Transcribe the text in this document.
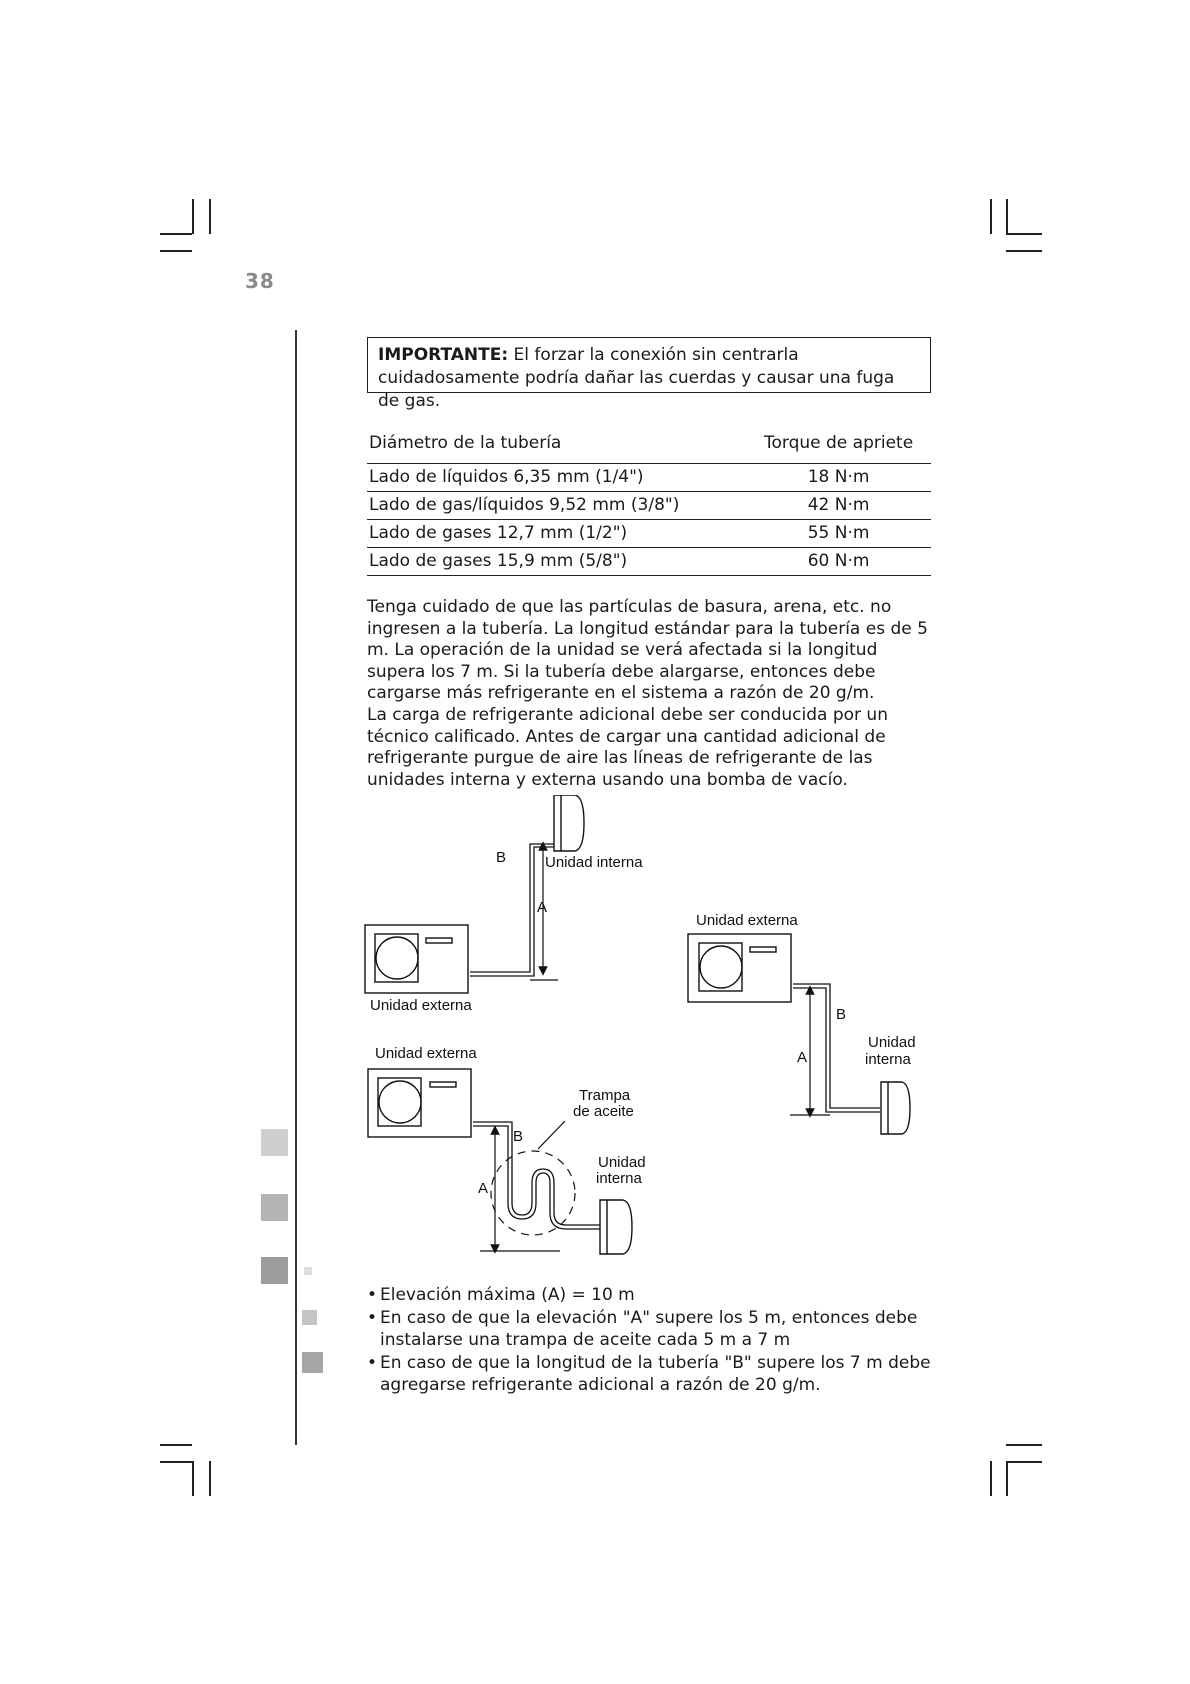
38
IMPORTANTE: El forzar la conexión sin centrarla cuidadosamente podría dañar las cuerdas y causar una fuga de gas.
Diámetro de la tubería	Torque de apriete
Lado de líquidos 6,35 mm (1/4")	18 N·m
Lado de gas/líquidos 9,52 mm (3/8")	42 N·m
Lado de gases 12,7 mm (1/2")	55 N·m
Lado de gases 15,9 mm (5/8")	60 N·m
Tenga cuidado de que las partículas de basura, arena, etc. no ingresen a la tubería. La longitud estándar para la tubería es de 5 m. La operación de la unidad se verá afectada si la longitud supera los 7 m. Si la tubería debe alargarse, entonces debe cargarse más refrigerante en el sistema a razón de 20 g/m.
La carga de refrigerante adicional debe ser conducida por un técnico calificado. Antes de cargar una cantidad adicional de refrigerante purgue de aire las líneas de refrigerante de las unidades interna y externa usando una bomba de vacío.
B	Unidad interna
A
Unidad externa
Unidad externa
B
A
Unidad
interna
Unidad externa
B
A
Trampa
de aceite
Unidad
interna
• Elevación máxima (A) = 10 m
• En caso de que la elevación "A" supere los 5 m, entonces debe instalarse una trampa de aceite cada 5 m a 7 m
• En caso de que la longitud de la tubería "B" supere los 7 m debe agregarse refrigerante adicional a razón de 20 g/m.
